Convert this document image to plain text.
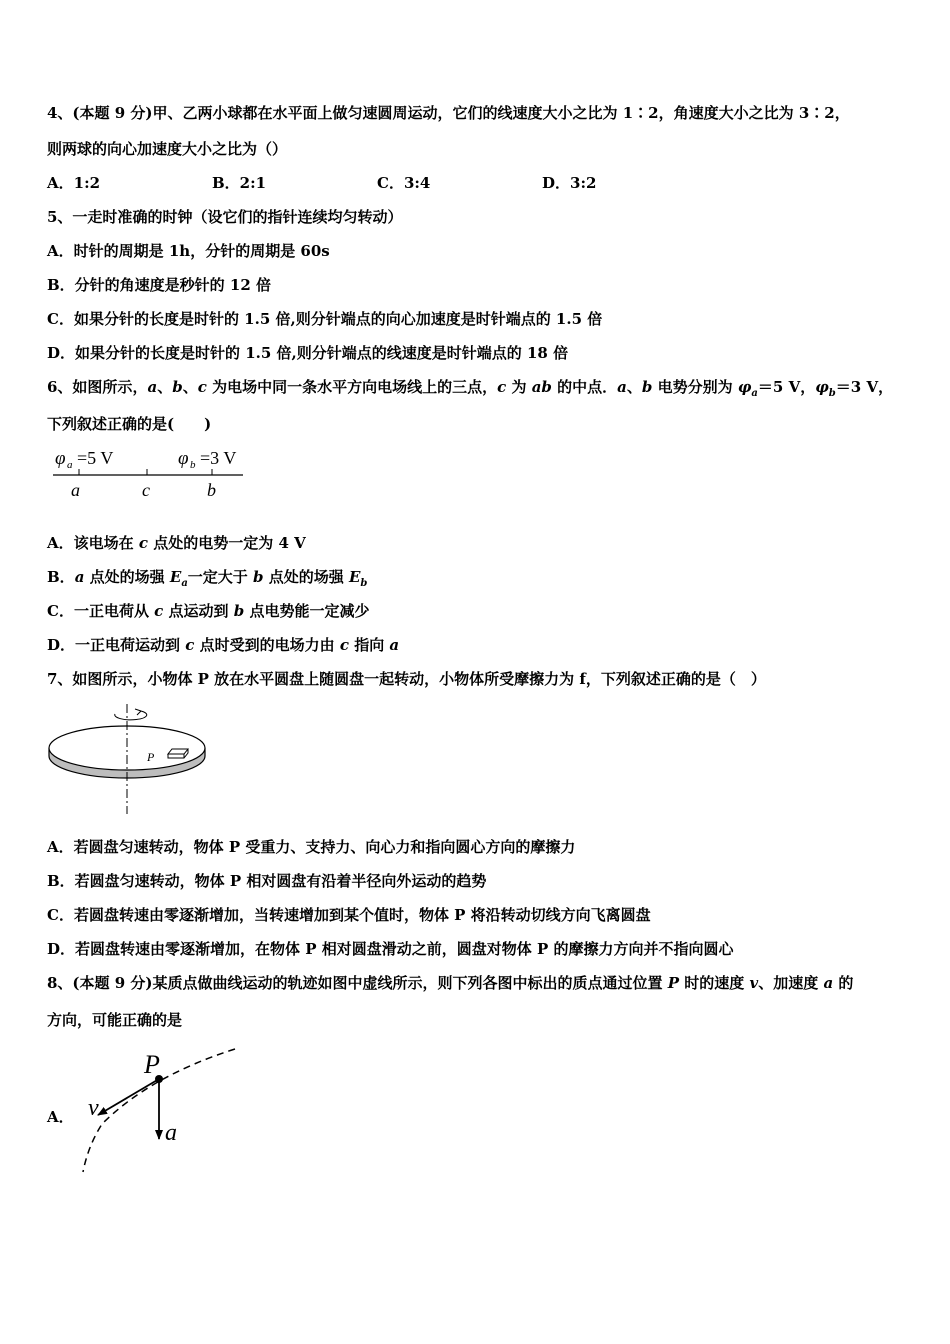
4、(本题 9 分)甲、乙两小球都在水平面上做匀速圆周运动，它们的线速度大小之比为 1∶2，角速度大小之比为 3∶2，
则两球的向心加速度大小之比为（）
A．1:2	B．2:1	C．3:4	D．3:2
5、一走时准确的时钟（设它们的指针连续均匀转动）
A．时针的周期是 1h，分针的周期是 60s
B．分针的角速度是秒针的 12 倍
C．如果分针的长度是时针的 1.5 倍,则分针端点的向心加速度是时针端点的 1.5 倍
D．如果分针的长度是时针的 1.5 倍,则分针端点的线速度是时针端点的 18 倍
6、如图所示，a、b、c 为电场中同一条水平方向电场线上的三点，c 为 ab 的中点．a、b 电势分别为 $\varphi_a=5$ V，$\varphi_b=3$ V，
下列叙述正确的是(　　)
φ a =5 V	φ b =3 V
a	c	b
A．该电场在 c 点处的电势一定为 4 V
B．a 点处的场强 $E_a$一定大于 b 点处的场强 $E_b$
C．一正电荷从 c 点运动到 b 点电势能一定减少
D．一正电荷运动到 c 点时受到的电场力由 c 指向 a
7、如图所示，小物体 P 放在水平圆盘上随圆盘一起转动，小物体所受摩擦力为 f，下列叙述正确的是（　）
P
A．若圆盘匀速转动，物体 P 受重力、支持力、向心力和指向圆心方向的摩擦力
B．若圆盘匀速转动，物体 P 相对圆盘有沿着半径向外运动的趋势
C．若圆盘转速由零逐渐增加，当转速增加到某个值时，物体 P 将沿转动切线方向飞离圆盘
D．若圆盘转速由零逐渐增加，在物体 P 相对圆盘滑动之前，圆盘对物体 P 的摩擦力方向并不指向圆心
8、(本题 9 分)某质点做曲线运动的轨迹如图中虚线所示，则下列各图中标出的质点通过位置 P 时的速度 v、加速度 a 的
方向，可能正确的是
A．
P
v
a
